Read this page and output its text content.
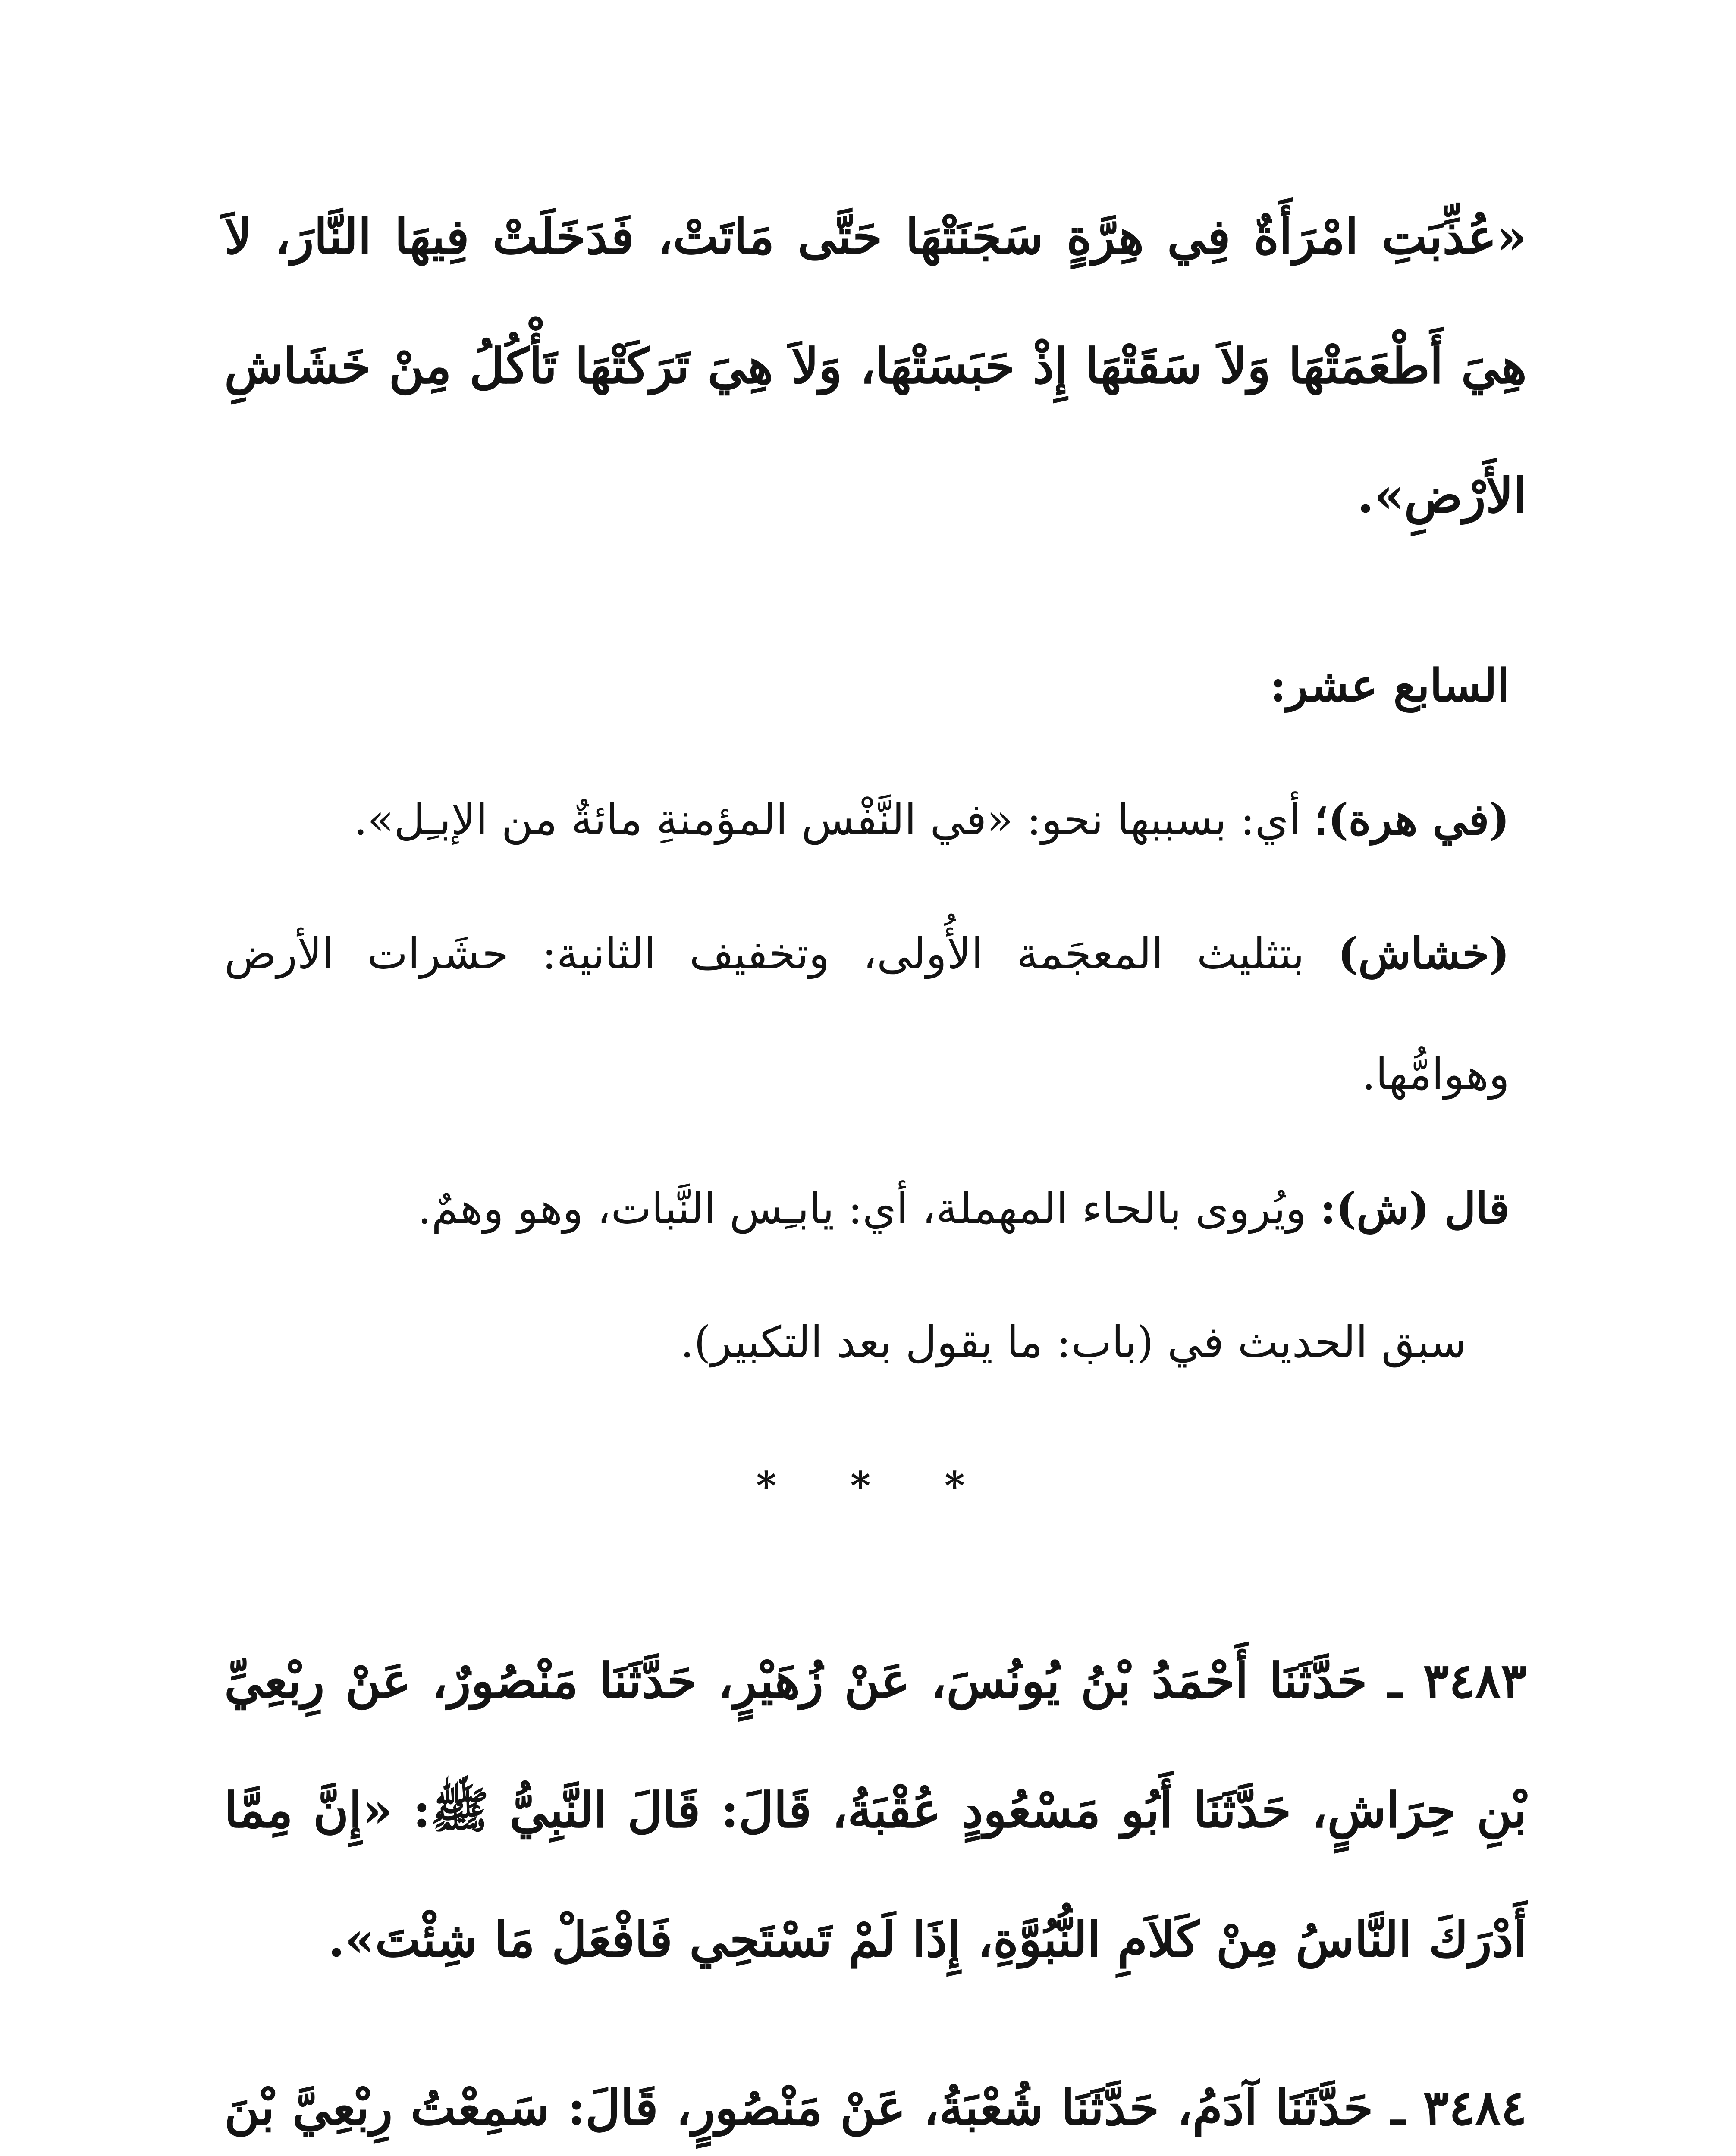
«عُذِّبَتِ امْرَأَةٌ فِي هِرَّةٍ سَجَنَتْهَا حَتَّى مَاتَتْ، فَدَخَلَتْ فِيهَا النَّارَ، لاَ هِيَ أَطْعَمَتْهَا وَلاَ سَقَتْهَا إِذْ حَبَسَتْهَا، وَلاَ هِيَ تَرَكَتْهَا تَأْكُلُ مِنْ خَشَاشِ الأَرْضِ».

السابع عشر:

(في هرة)؛ أي: بسببها نحو: «في النَّفْس المؤمنةِ مائةٌ من الإبـِل».

(خشاش) بتثليث المعجَمة الأُولى، وتخفيف الثانية: حشَرات الأرض وهوامُّها.

قال (ش): ويُروى بالحاء المهملة، أي: يابـِس النَّبات، وهو وهمٌ.

سبق الحديث في (باب: ما يقول بعد التكبير).

* * *

٣٤٨٣ ـ حَدَّثَنَا أَحْمَدُ بْنُ يُونُسَ، عَنْ زُهَيْرٍ، حَدَّثَنَا مَنْصُورٌ، عَنْ رِبْعِيِّ بْنِ حِرَاشٍ، حَدَّثَنَا أَبُو مَسْعُودٍ عُقْبَةُ، قَالَ: قَالَ النَّبِيُّ ﷺ: «إِنَّ مِمَّا أَدْرَكَ النَّاسُ مِنْ كَلاَمِ النُّبُوَّةِ، إِذَا لَمْ تَسْتَحِي فَافْعَلْ مَا شِئْتَ».

٣٤٨٤ ـ حَدَّثَنَا آدَمُ، حَدَّثَنَا شُعْبَةُ، عَنْ مَنْصُورٍ، قَالَ: سَمِعْتُ رِبْعِيَّ بْنَ
